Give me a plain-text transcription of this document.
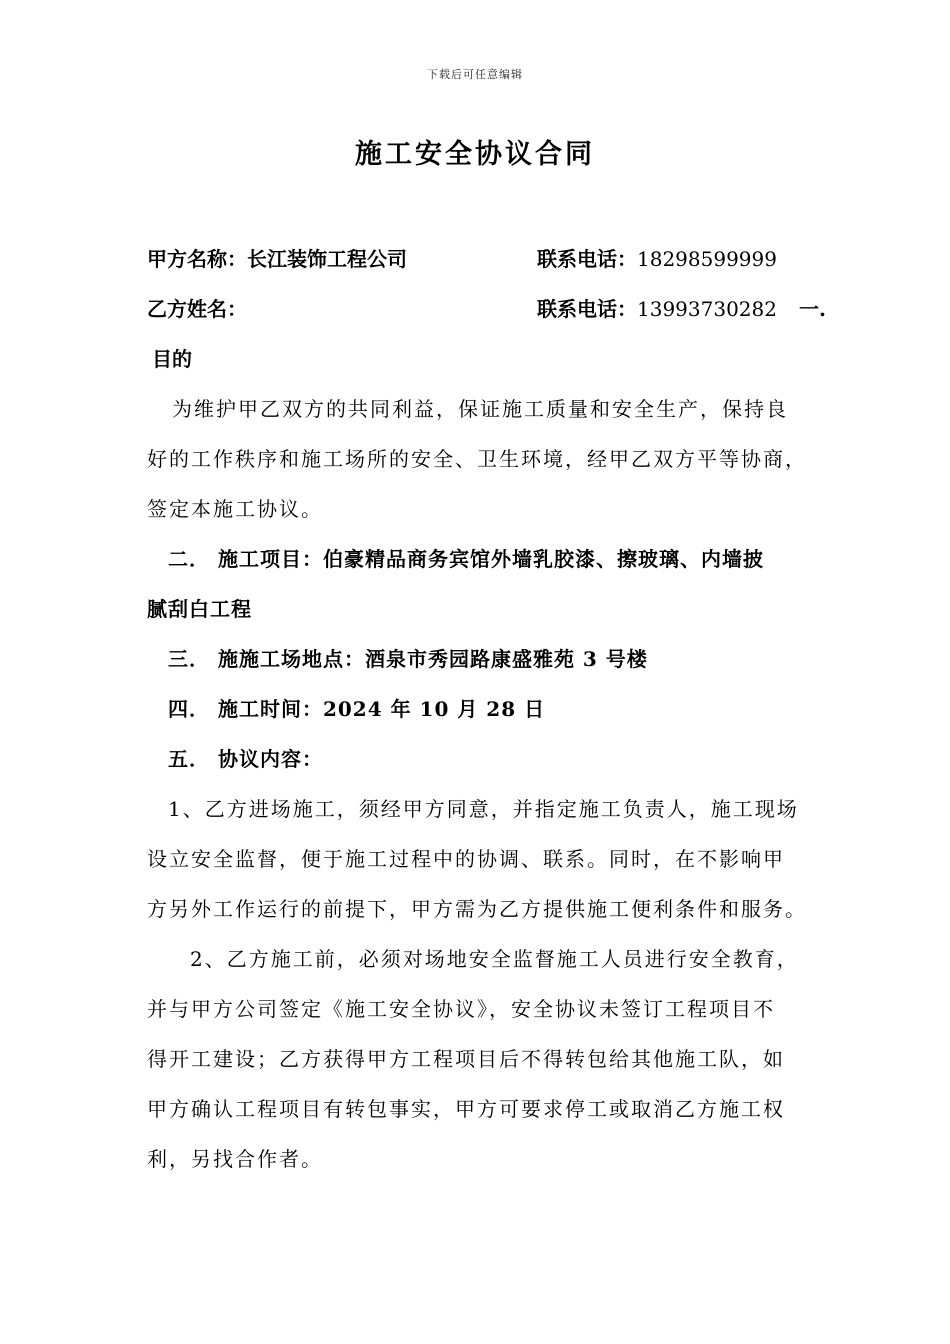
下载后可任意编辑
施工安全协议合同
甲方名称：长江装饰工程公司	联系电话：18298599999
乙方姓名：	联系电话：13993730282 一.
目的
为维护甲乙双方的共同利益，保证施工质量和安全生产，保持良
好的工作秩序和施工场所的安全、卫生环境，经甲乙双方平等协商，
签定本施工协议。
二． 施工项目：伯豪精品商务宾馆外墙乳胶漆、擦玻璃、内墙披
腻刮白工程
三． 施施工场地点：酒泉市秀园路康盛雅苑 3 号楼
四． 施工时间：2024 年 10 月 28 日
五． 协议内容：
1、乙方进场施工，须经甲方同意，并指定施工负责人，施工现场
设立安全监督，便于施工过程中的协调、联系。同时，在不影响甲
方另外工作运行的前提下，甲方需为乙方提供施工便利条件和服务。
2、乙方施工前，必须对场地安全监督施工人员进行安全教育，
并与甲方公司签定《施工安全协议》，安全协议未签订工程项目不
得开工建设；乙方获得甲方工程项目后不得转包给其他施工队，如
甲方确认工程项目有转包事实，甲方可要求停工或取消乙方施工权
利，另找合作者。
